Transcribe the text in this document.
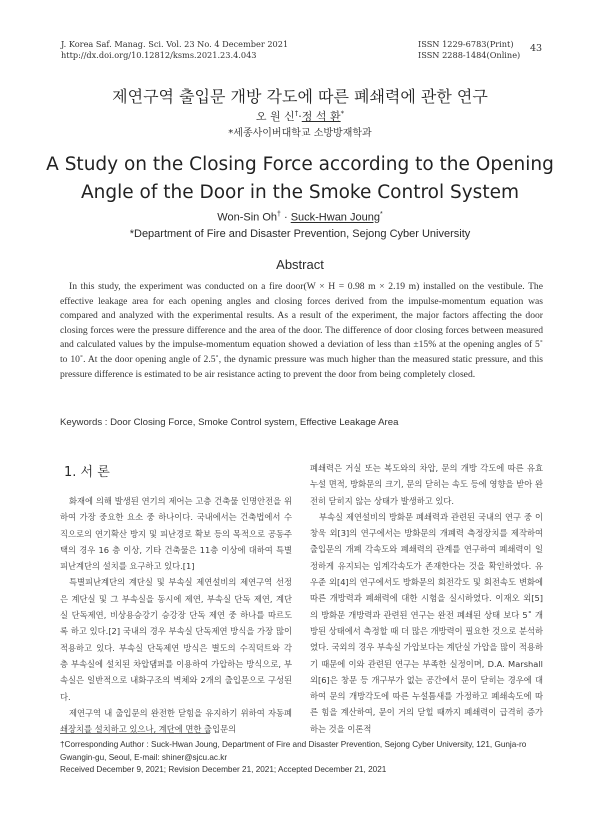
J. Korea Saf. Manag. Sci. Vol. 23 No. 4 December 2021
http://dx.doi.org/10.12812/ksms.2021.23.4.043
ISSN 1229-6783(Print)
ISSN 2288-1484(Online)
43
제연구역 출입문 개방 각도에 따른 폐쇄력에 관한 연구
오 원 신†·정 석 환*
*세종사이버대학교 소방방재학과
A Study on the Closing Force according to the Opening Angle of the Door in the Smoke Control System
Won-Sin Oh† · Suck-Hwan Joung*
*Department of Fire and Disaster Prevention, Sejong Cyber University
Abstract

In this study, the experiment was conducted on a fire door(W × H = 0.98 m × 2.19 m) installed on the vestibule. The effective leakage area for each opening angles and closing forces derived from the impulse-momentum equation was compared and analyzed with the experimental results. As a result of the experiment, the major factors affecting the door closing forces were the pressure difference and the area of the door. The difference of door closing forces between measured and calculated values by the impulse-momentum equation showed a deviation of less than ±15% at the opening angles of 5˚ to 10˚. At the door opening angle of 2.5˚, the dynamic pressure was much higher than the measured static pressure, and this pressure difference is estimated to be air resistance acting to prevent the door from being completely closed.

Keywords : Door Closing Force, Smoke Control system, Effective Leakage Area
1. 서 론

화재에 의해 발생된 연기의 제어는 고층 건축물 인명안전을 위하여 가장 중요한 요소 중 하나이다. 국내에서는 건축법에서 수직으로의 연기확산 방지 및 피난경로 확보 등의 목적으로 공동주택의 경우 16 층 이상, 기타 건축물은 11층 이상에 대하여 특별피난계단의 설치를 요구하고 있다.[1]

특별피난계단의 계단실 및 부속실 제연설비의 제연구역 선정은 계단실 및 그 부속실을 동시에 제연, 부속실 단독 제연, 계단실 단독제연, 비상용승강기 승강장 단독 제연 중 하나를 따르도록 하고 있다.[2] 국내의 경우 부속실 단독제연 방식을 가장 많이 적용하고 있다. 부속실 단독제연 방식은 별도의 수직덕트와 각 층 부속실에 설치된 차압댐퍼를 이용하여 가압하는 방식으로, 부속실은 일반적으로 내화구조의 벽체와 2개의 출입문으로 구성된다.

제연구역 내 출입문의 완전한 닫힘을 유지하기 위하여 자동폐쇄장치를 설치하고 있으나, 계단에 면한 출입문의

폐쇄력은 거실 또는 복도와의 차압, 문의 개방 각도에 따른 유효누설 면적, 방화문의 크기, 문의 닫히는 속도 등에 영향을 받아 완전히 닫히지 않는 상태가 발생하고 있다.

부속실 제연설비의 방화문 폐쇄력과 관련된 국내의 연구 중 이창욱 외[3]의 연구에서는 방화문의 개폐력 측정장치를 제작하여 출입문의 개폐 각속도와 폐쇄력의 관계를 연구하여 폐쇄력이 일정하게 유지되는 임계각속도가 존재한다는 것을 확인하였다. 유우준 외[4]의 연구에서도 방화문의 회전각도 및 회전속도 변화에 따른 개방력과 폐쇄력에 대한 시험을 실시하였다. 이재오 외[5]의 방화문 개방력과 관련된 연구는 완전 폐쇄된 상태 보다 5˚ 개방된 상태에서 측정할 때 더 많은 개방력이 필요한 것으로 분석하였다. 국외의 경우 부속실 가압보다는 계단실 가압을 많이 적용하기 때문에 이와 관련된 연구는 부족한 실정이며, D.A. Marshall 외[6]은 창문 등 개구부가 없는 공간에서 문이 닫히는 경우에 대하여 문의 개방각도에 따른 누설틈새를 가정하고 폐쇄속도에 따른 힘을 계산하여, 문이 거의 닫힐 때까지 폐쇄력이 급격히 증가하는 것을 이론적

†Corresponding Author : Suck-Hwan Joung, Department of Fire and Disaster Prevention, Sejong Cyber University, 121, Gunja-ro
Gwangin-gu, Seoul, E-mail: shiner@sjcu.ac.kr
Received December 9, 2021; Revision December 21, 2021; Accepted December 21, 2021
